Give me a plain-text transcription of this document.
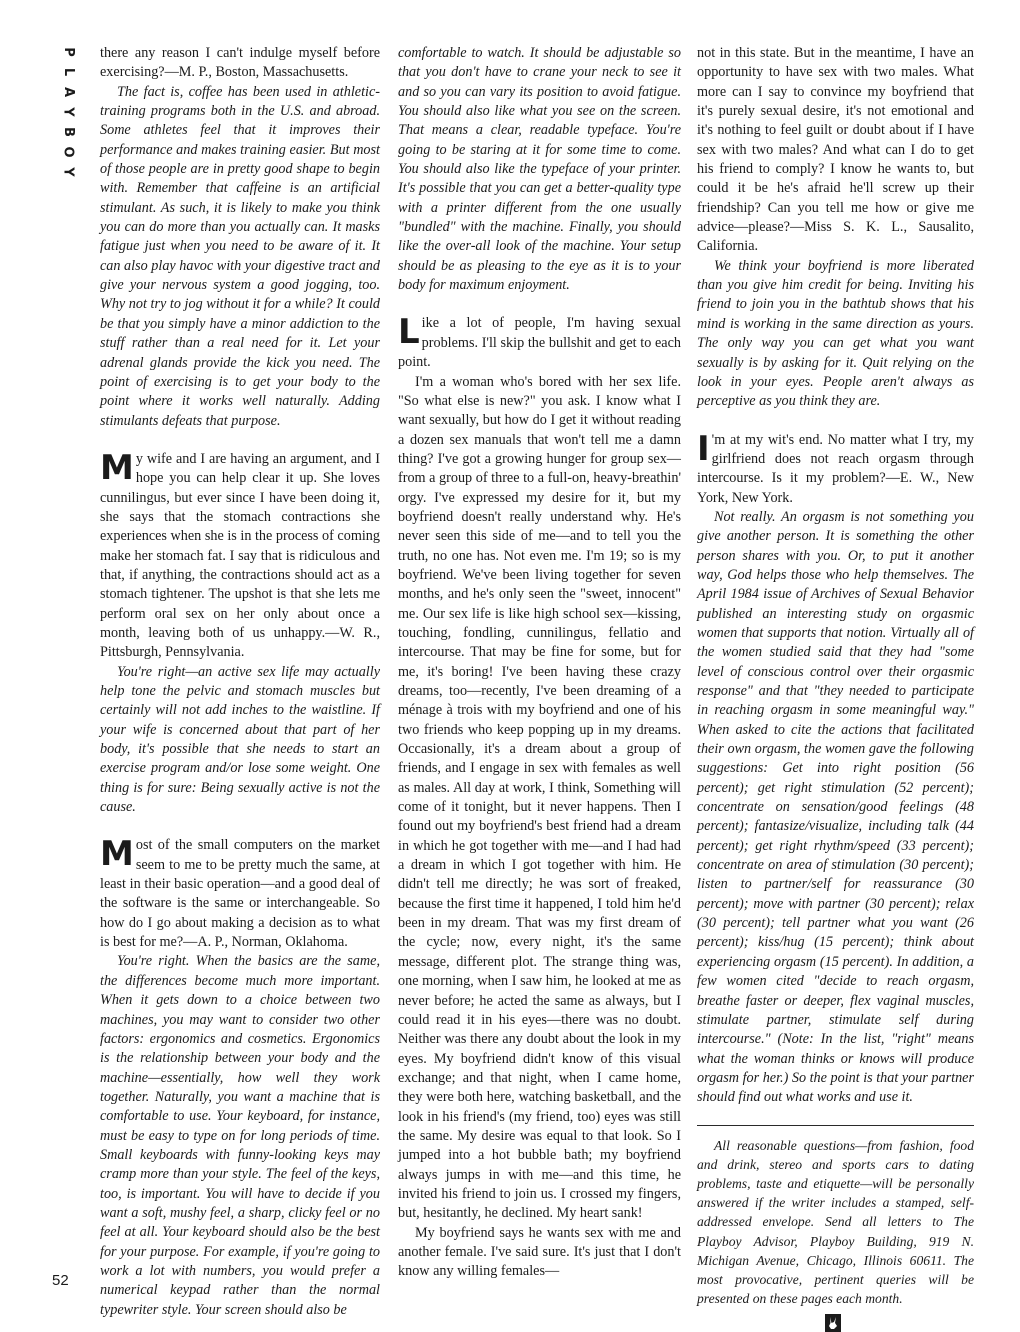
P
L
A
Y
B
O
Y
52

there any reason I can't indulge myself before exercising?—M. P., Boston, Massachusetts.

The fact is, coffee has been used in athletic-training programs both in the U.S. and abroad. Some athletes feel that it improves their performance and makes training easier. But most of those people are in pretty good shape to begin with. Remember that caffeine is an artificial stimulant. As such, it is likely to make you think you can do more than you actually can. It masks fatigue just when you need to be aware of it. It can also play havoc with your digestive tract and give your nervous system a good jogging, too. Why not try to jog without it for a while? It could be that you simply have a minor addiction to the stuff rather than a real need for it. Let your adrenal glands provide the kick you need. The point of exercising is to get your body to the point where it works well naturally. Adding stimulants defeats that purpose.

My wife and I are having an argument, and I hope you can help clear it up. She loves cunnilingus, but ever since I have been doing it, she says that the stomach contractions she experiences when she is in the process of coming make her stomach fat. I say that is ridiculous and that, if anything, the contractions should act as a stomach tightener. The upshot is that she lets me perform oral sex on her only about once a month, leaving both of us unhappy.—W. R., Pittsburgh, Pennsylvania.

You're right—an active sex life may actually help tone the pelvic and stomach muscles but certainly will not add inches to the waistline. If your wife is concerned about that part of her body, it's possible that she needs to start an exercise program and/or lose some weight. One thing is for sure: Being sexually active is not the cause.

Most of the small computers on the market seem to me to be pretty much the same, at least in their basic operation—and a good deal of the software is the same or interchangeable. So how do I go about making a decision as to what is best for me?—A. P., Norman, Oklahoma.

You're right. When the basics are the same, the differences become much more important. When it gets down to a choice between two machines, you may want to consider two other factors: ergonomics and cosmetics. Ergonomics is the relationship between your body and the machine—essentially, how well they work together. Naturally, you want a machine that is comfortable to use. Your keyboard, for instance, must be easy to type on for long periods of time. Small keyboards with funny-looking keys may cramp more than your style. The feel of the keys, too, is important. You will have to decide if you want a soft, mushy feel, a sharp, clicky feel or no feel at all. Your keyboard should also be the best for your purpose. For example, if you're going to work a lot with numbers, you would prefer a numerical keypad rather than the normal typewriter style. Your screen should also be

comfortable to watch. It should be adjustable so that you don't have to crane your neck to see it and so you can vary its position to avoid fatigue. You should also like what you see on the screen. That means a clear, readable typeface. You're going to be staring at it for some time to come. You should also like the typeface of your printer. It's possible that you can get a better-quality type with a printer different from the one usually "bundled" with the machine. Finally, you should like the over-all look of the machine. Your setup should be as pleasing to the eye as it is to your body for maximum enjoyment.

Like a lot of people, I'm having sexual problems. I'll skip the bullshit and get to each point.

I'm a woman who's bored with her sex life. "So what else is new?" you ask. I know what I want sexually, but how do I get it without reading a dozen sex manuals that won't tell me a damn thing? I've got a growing hunger for group sex—from a group of three to a full-on, heavy-breathin' orgy. I've expressed my desire for it, but my boyfriend doesn't really understand why. He's never seen this side of me—and to tell you the truth, no one has. Not even me. I'm 19; so is my boyfriend. We've been living together for seven months, and he's only seen the "sweet, innocent" me. Our sex life is like high school sex—kissing, touching, fondling, cunnilingus, fellatio and intercourse. That may be fine for some, but for me, it's boring! I've been having these crazy dreams, too—recently, I've been dreaming of a ménage à trois with my boyfriend and one of his two friends who keep popping up in my dreams. Occasionally, it's a dream about a group of friends, and I engage in sex with females as well as males. All day at work, I think, Something will come of it tonight, but it never happens. Then I found out my boyfriend's best friend had a dream in which he got together with me—and I had had a dream in which I got together with him. He didn't tell me directly; he was sort of freaked, because the first time it happened, I told him he'd been in my dream. That was my first dream of the cycle; now, every night, it's the same message, different plot. The strange thing was, one morning, when I saw him, he looked at me as never before; he acted the same as always, but I could read it in his eyes—there was no doubt. Neither was there any doubt about the look in my eyes. My boyfriend didn't know of this visual exchange; and that night, when I came home, they were both here, watching basketball, and the look in his friend's (my friend, too) eyes was still the same. My desire was equal to that look. So I jumped into a hot bubble bath; my boyfriend always jumps in with me—and this time, he invited his friend to join us. I crossed my fingers, but, hesitantly, he declined. My heart sank!

My boyfriend says he wants sex with me and another female. I've said sure. It's just that I don't know any willing females—

not in this state. But in the meantime, I have an opportunity to have sex with two males. What more can I say to convince my boyfriend that it's purely sexual desire, it's not emotional and it's nothing to feel guilt or doubt about if I have sex with two males? And what can I do to get his friend to comply? I know he wants to, but could it be he's afraid he'll screw up their friendship? Can you tell me how or give me advice—please?—Miss S. K. L., Sausalito, California.

We think your boyfriend is more liberated than you give him credit for being. Inviting his friend to join you in the bathtub shows that his mind is working in the same direction as yours. The only way you can get what you want sexually is by asking for it. Quit relying on the look in your eyes. People aren't always as perceptive as you think they are.

I 'm at my wit's end. No matter what I try, my girlfriend does not reach orgasm through intercourse. Is it my problem?—E. W., New York, New York.

Not really. An orgasm is not something you give another person. It is something the other person shares with you. Or, to put it another way, God helps those who help themselves. The April 1984 issue of Archives of Sexual Behavior published an interesting study on orgasmic women that supports that notion. Virtually all of the women studied said that they had "some level of conscious control over their orgasmic response" and that "they needed to participate in reaching orgasm in some meaningful way." When asked to cite the actions that facilitated their own orgasm, the women gave the following suggestions: Get into right position (56 percent); get right stimulation (52 percent); concentrate on sensation/good feelings (48 percent); fantasize/visualize, including talk (44 percent); get right rhythm/speed (33 percent); concentrate on area of stimulation (30 percent); listen to partner/self for reassurance (30 percent); move with partner (30 percent); relax (30 percent); tell partner what you want (26 percent); kiss/hug (15 percent); think about experiencing orgasm (15 percent). In addition, a few women cited "decide to reach orgasm, breathe faster or deeper, flex vaginal muscles, stimulate partner, stimulate self during intercourse." (Note: In the list, "right" means what the woman thinks or knows will produce orgasm for her.) So the point is that your partner should find out what works and use it.

All reasonable questions—from fashion, food and drink, stereo and sports cars to dating problems, taste and etiquette—will be personally answered if the writer includes a stamped, self-addressed envelope. Send all letters to The Playboy Advisor, Playboy Building, 919 N. Michigan Avenue, Chicago, Illinois 60611. The most provocative, pertinent queries will be presented on these pages each month.
